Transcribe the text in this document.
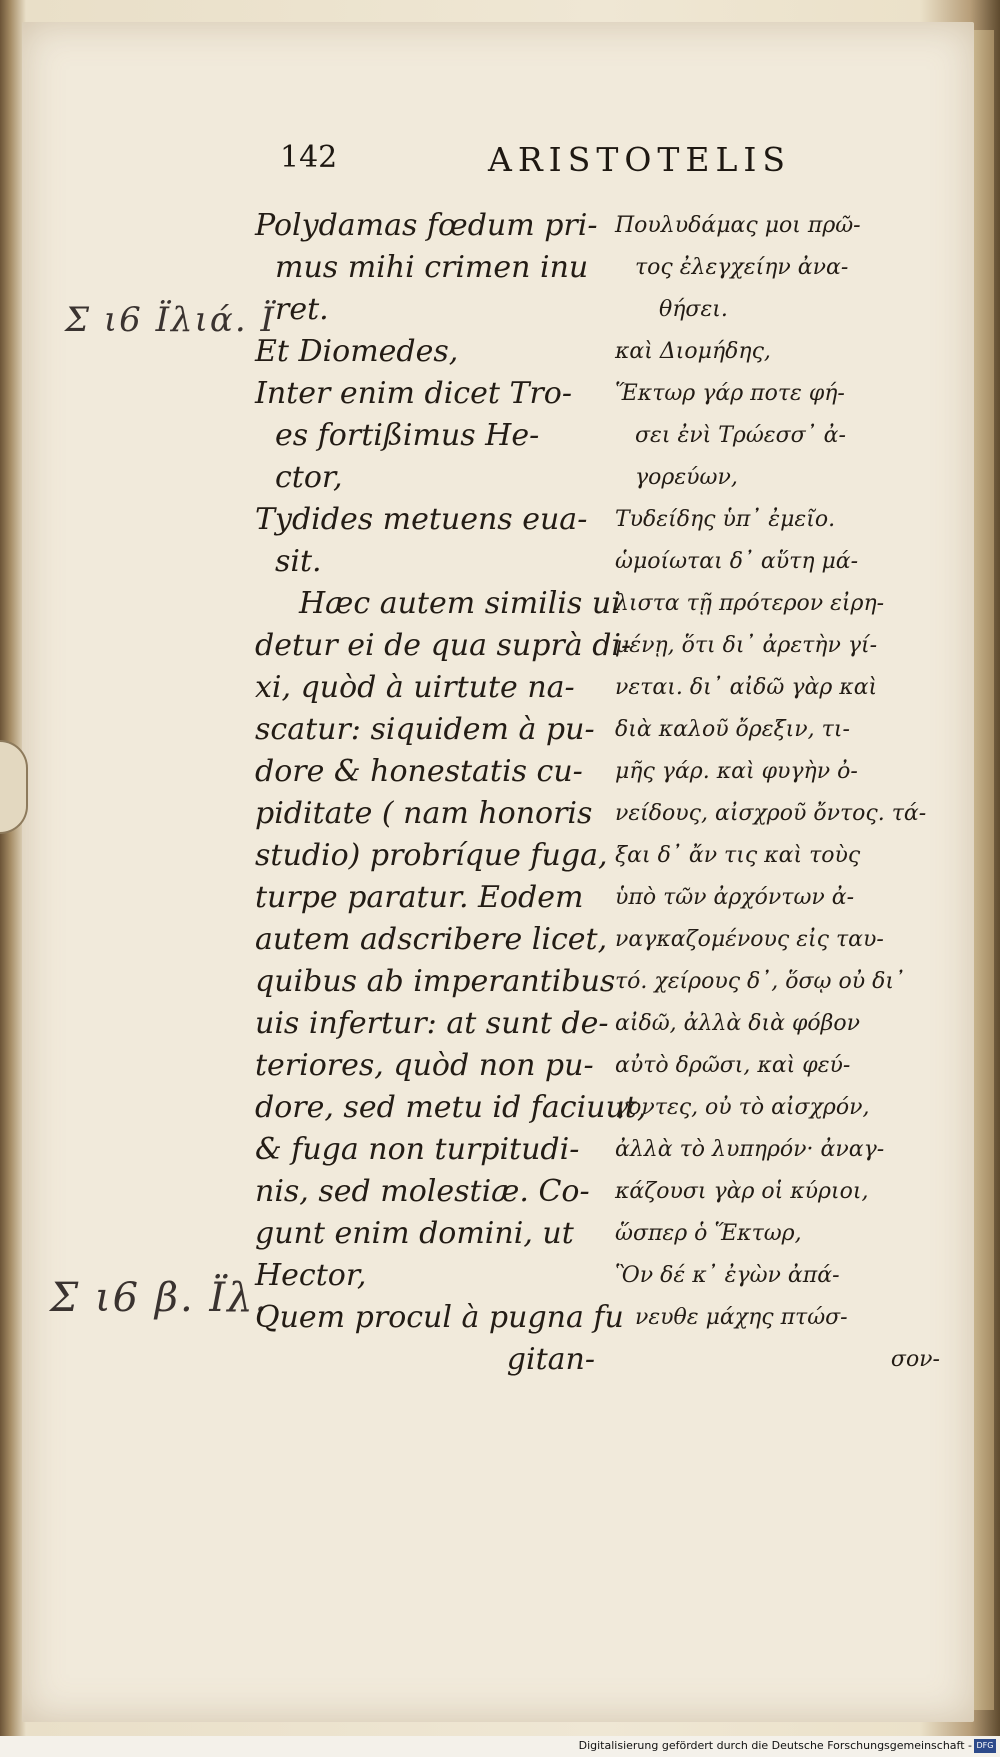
142	ARISTOTELIS
Σ ι6 Ϊλιά. Ϊ
Σ ι6 β. Ϊλ.
Polydamas fœdum pri-
mus mihi crimen inu
ret.
Et Diomedes,
Inter enim dicet Tro-
es fortißimus He-
ctor,
Tydides metuens eua-
sit.
Hæc autem similis ui
detur ei de qua suprà di-
xi, quòd à uirtute na-
scatur: siquidem à pu-
dore & honestatis cu-
piditate ( nam honoris
studio) probríque fuga,
turpe paratur. Eodem
autem adscribere licet,
quibus ab imperantibus
uis infertur: at sunt de-
teriores, quòd non pu-
dore, sed metu id faciuut,
& fuga non turpitudi-
nis, sed molestiæ. Co-
gunt enim domini, ut
Hector,
Quem procul à pugna fu
gitan-
Πουλυδάμας μοι πρῶ-
τος ἐλεγχείην ἀνα-
θήσει.
καὶ Διομήδης,
Ἕκτωρ γάρ ποτε φή-
σει ἐνὶ Τρώεσσ᾽ ἀ-
γορεύων,
Τυδείδης ὑπ᾽ ἐμεῖο.
ὡμοίωται δ᾽ αὕτη μά-
λιστα τῇ πρότερον εἰρη-
μένῃ, ὅτι δι᾽ ἀρετὴν γί-
νεται. δι᾽ αἰδῶ γὰρ καὶ
διὰ καλοῦ ὄρεξιν, τι-
μῆς γάρ. καὶ φυγὴν ὀ-
νείδους, αἰσχροῦ ὄντος. τά-
ξαι δ᾽ ἄν τις καὶ τοὺς
ὑπὸ τῶν ἀρχόντων ἀ-
ναγκαζομένους εἰς ταυ-
τό. χείρους δ᾽, ὅσῳ οὐ δι᾽
αἰδῶ, ἀλλὰ διὰ φόβον
αὐτὸ δρῶσι, καὶ φεύ-
γοντες, οὐ τὸ αἰσχρόν,
ἀλλὰ τὸ λυπηρόν· ἀναγ-
κάζουσι γὰρ οἱ κύριοι,
ὥσπερ ὁ Ἕκτωρ,
Ὃν δέ κ᾽ ἐγὼν ἀπά-
νευθε μάχης πτώσ-
σον-
Digitalisierung gefördert durch die Deutsche Forschungsgemeinschaft - DFG
